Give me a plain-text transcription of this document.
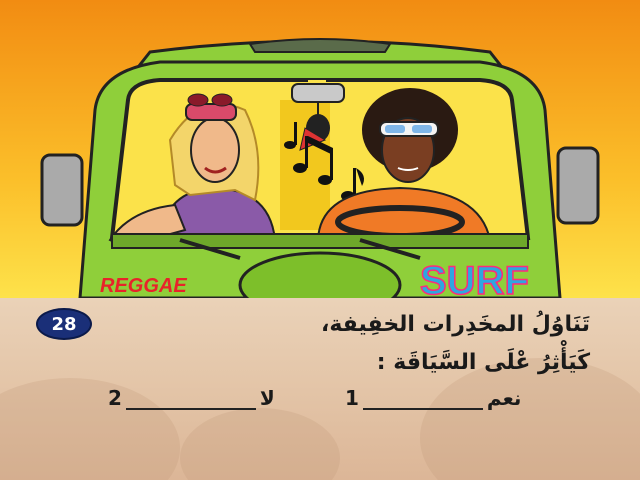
REGGAE	SURF
28	تَنَاوُلُ المخَدِرات الخفِيفة،
كَيَأْثِرُ عْلَى السَّيَاقَة :
1	نعم
2	لا
